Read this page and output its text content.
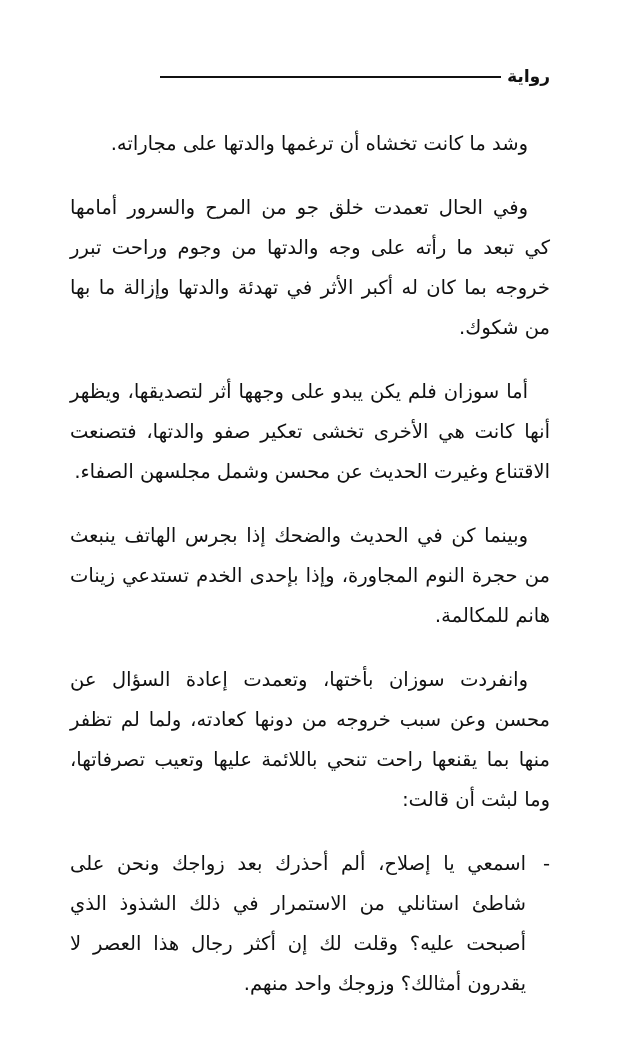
رواية

وشد ما كانت تخشاه أن ترغمها والدتها على مجاراته.

وفي الحال تعمدت خلق جو من المرح والسرور أمامها كي تبعد ما رأته على وجه والدتها من وجوم وراحت تبرر خروجه بما كان له أكبر الأثر في تهدئة والدتها وإزالة ما بها من شكوك.

أما سوزان فلم يكن يبدو على وجهها أثر لتصديقها، ويظهر أنها كانت هي الأخرى تخشى تعكير صفو والدتها، فتصنعت الاقتناع وغيرت الحديث عن محسن وشمل مجلسهن الصفاء.

وبينما كن في الحديث والضحك إذا بجرس الهاتف ينبعث من حجرة النوم المجاورة، وإذا بإحدى الخدم تستدعي زينات هانم للمكالمة.

وانفردت سوزان بأختها، وتعمدت إعادة السؤال عن محسن وعن سبب خروجه من دونها كعادته، ولما لم تظفر منها بما يقنعها راحت تنحي باللائمة عليها وتعيب تصرفاتها، وما لبثت أن قالت:

-
اسمعي يا إصلاح، ألم أحذرك بعد زواجك ونحن على شاطئ استانلي من الاستمرار في ذلك الشذوذ الذي أصبحت عليه؟ وقلت لك إن أكثر رجال هذا العصر لا يقدرون أمثالك؟ وزوجك واحد منهم.
